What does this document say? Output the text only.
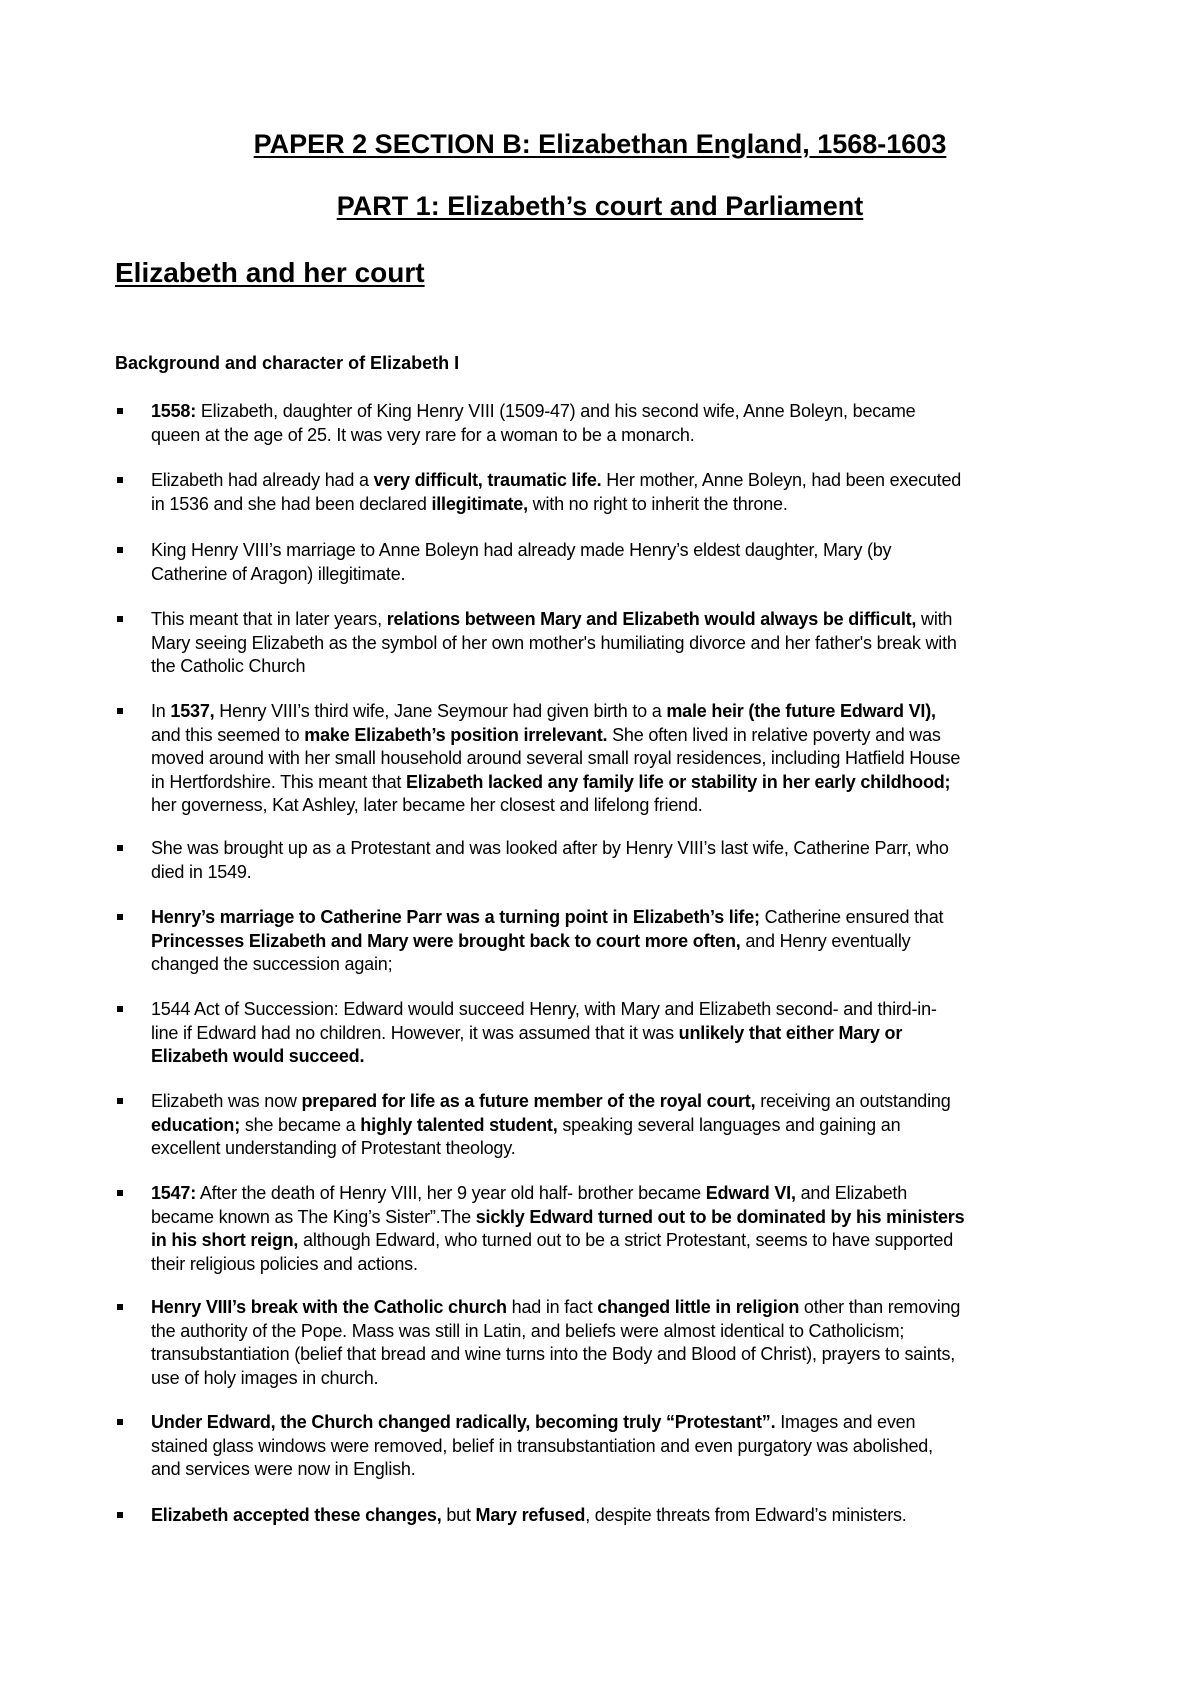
PAPER 2 SECTION B: Elizabethan England, 1568-1603
PART 1: Elizabeth’s court and Parliament
Elizabeth and her court
Background and character of Elizabeth I
1558: Elizabeth, daughter of King Henry VIII (1509-47) and his second wife, Anne Boleyn, became
queen at the age of 25. It was very rare for a woman to be a monarch.
Elizabeth had already had a very difficult, traumatic life. Her mother, Anne Boleyn, had been executed
in 1536 and she had been declared illegitimate, with no right to inherit the throne.
King Henry VIII’s marriage to Anne Boleyn had already made Henry’s eldest daughter, Mary (by
Catherine of Aragon) illegitimate.
This meant that in later years, relations between Mary and Elizabeth would always be difficult, with
Mary seeing Elizabeth as the symbol of her own mother's humiliating divorce and her father's break with
the Catholic Church
In 1537, Henry VIII’s third wife, Jane Seymour had given birth to a male heir (the future Edward VI),
and this seemed to make Elizabeth’s position irrelevant. She often lived in relative poverty and was
moved around with her small household around several small royal residences, including Hatfield House
in Hertfordshire. This meant that Elizabeth lacked any family life or stability in her early childhood;
her governess, Kat Ashley, later became her closest and lifelong friend.
She was brought up as a Protestant and was looked after by Henry VIII’s last wife, Catherine Parr, who
died in 1549.
Henry’s marriage to Catherine Parr was a turning point in Elizabeth’s life; Catherine ensured that
Princesses Elizabeth and Mary were brought back to court more often, and Henry eventually
changed the succession again;
1544 Act of Succession: Edward would succeed Henry, with Mary and Elizabeth second- and third-in-
line if Edward had no children. However, it was assumed that it was unlikely that either Mary or
Elizabeth would succeed.
Elizabeth was now prepared for life as a future member of the royal court, receiving an outstanding
education; she became a highly talented student, speaking several languages and gaining an
excellent understanding of Protestant theology.
1547: After the death of Henry VIII, her 9 year old half- brother became Edward VI, and Elizabeth
became known as The King’s Sister”.The sickly Edward turned out to be dominated by his ministers
in his short reign, although Edward, who turned out to be a strict Protestant, seems to have supported
their religious policies and actions.
Henry VIII’s break with the Catholic church had in fact changed little in religion other than removing
the authority of the Pope. Mass was still in Latin, and beliefs were almost identical to Catholicism;
transubstantiation (belief that bread and wine turns into the Body and Blood of Christ), prayers to saints,
use of holy images in church.
Under Edward, the Church changed radically, becoming truly “Protestant”. Images and even
stained glass windows were removed, belief in transubstantiation and even purgatory was abolished,
and services were now in English.
Elizabeth accepted these changes, but Mary refused, despite threats from Edward’s ministers.
